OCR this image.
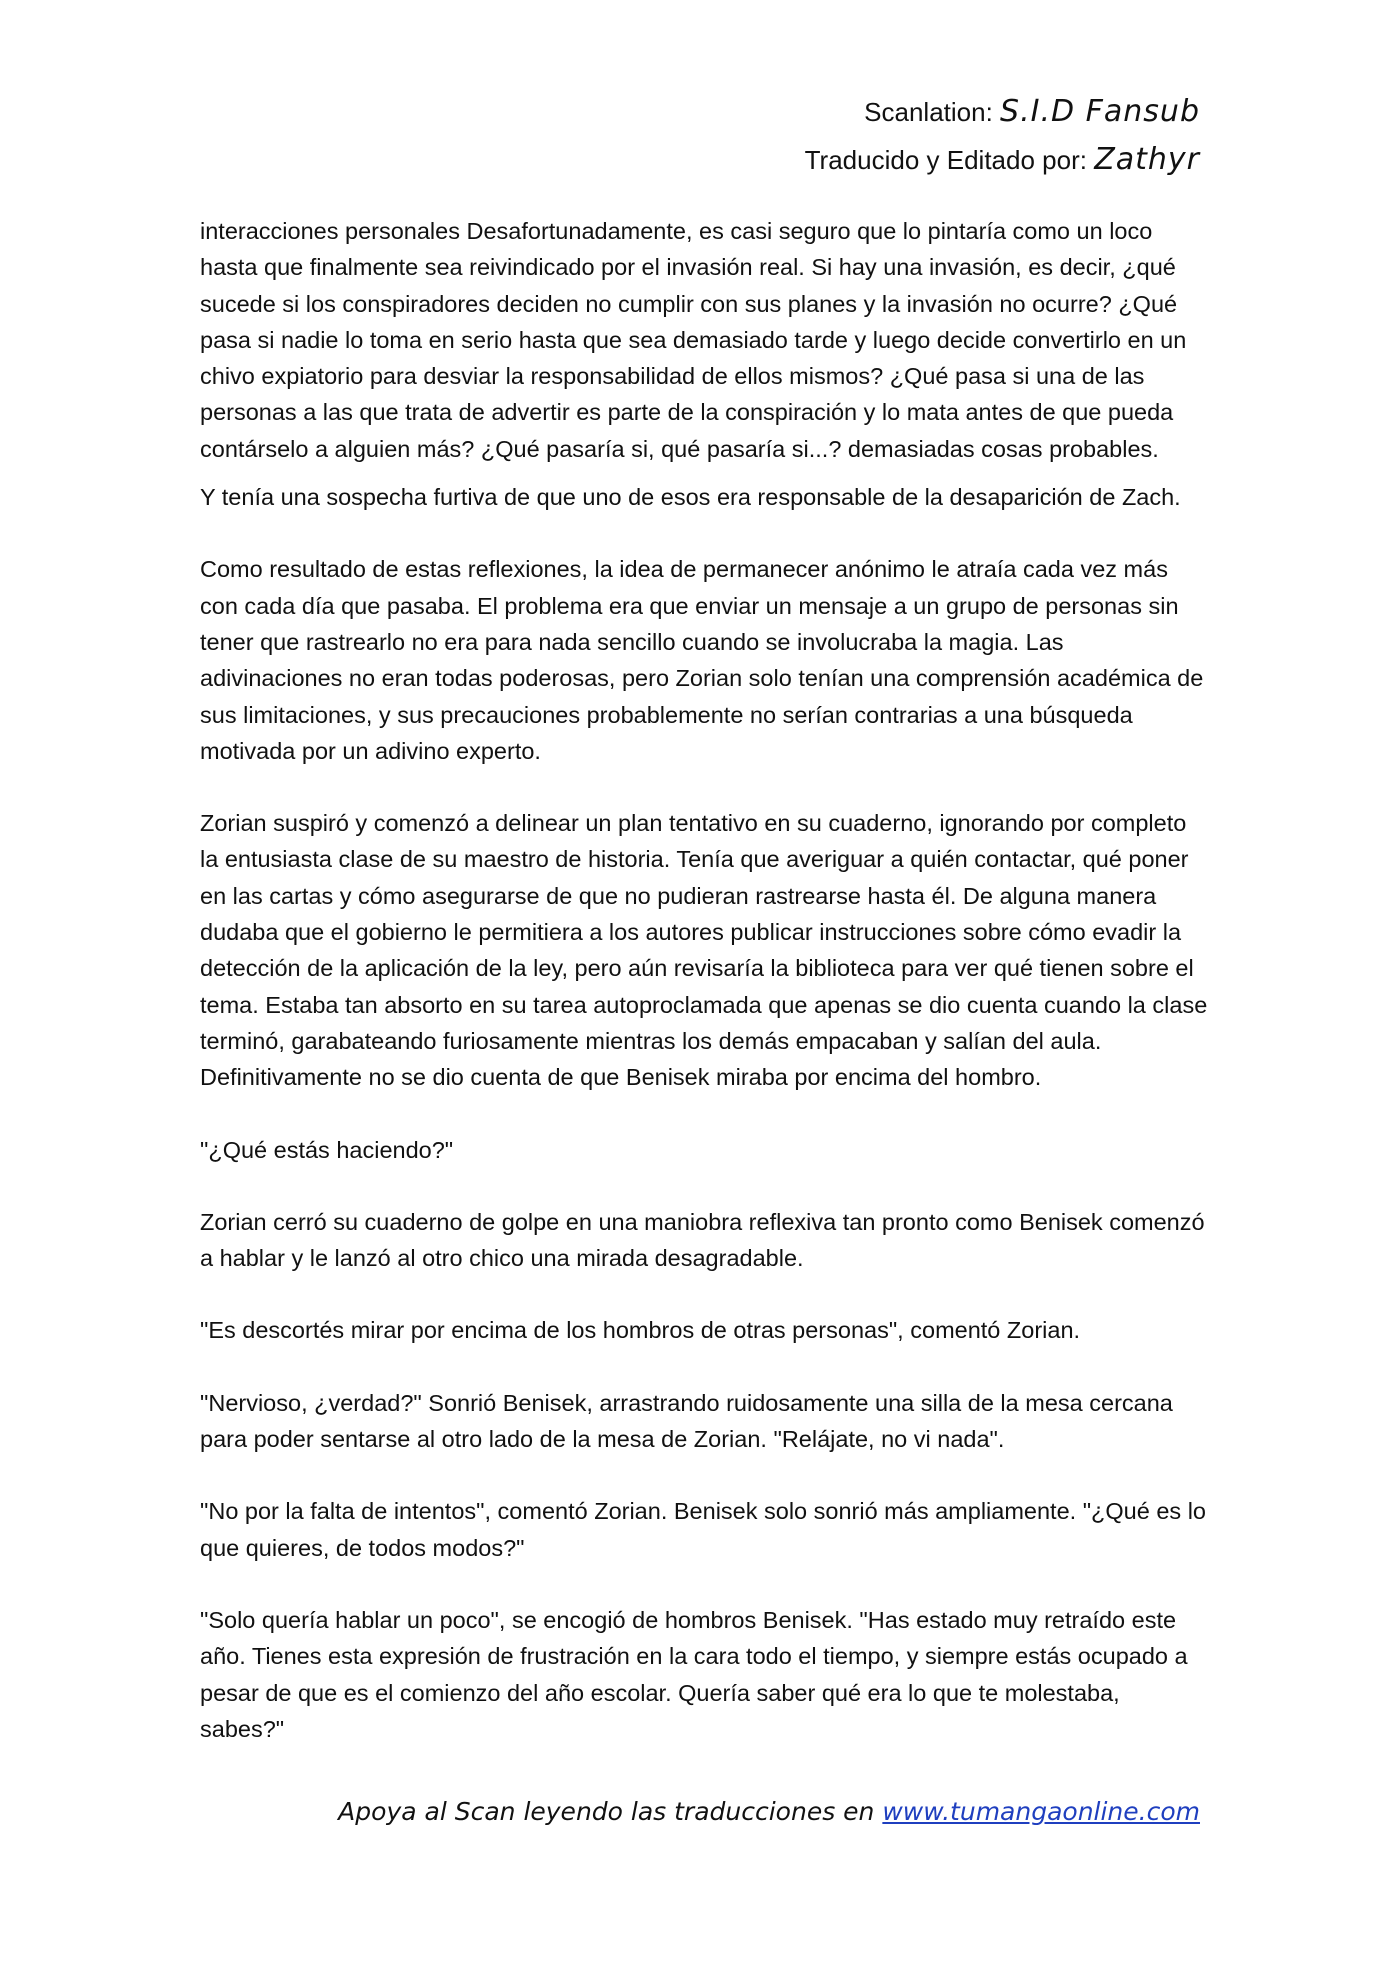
Scanlation: S.I.D Fansub
Traducido y Editado por: Zathyr

interacciones personales Desafortunadamente, es casi seguro que lo pintaría como un loco hasta que finalmente sea reivindicado por el invasión real. Si hay una invasión, es decir, ¿qué sucede si los conspiradores deciden no cumplir con sus planes y la invasión no ocurre? ¿Qué pasa si nadie lo toma en serio hasta que sea demasiado tarde y luego decide convertirlo en un chivo expiatorio para desviar la responsabilidad de ellos mismos? ¿Qué pasa si una de las personas a las que trata de advertir es parte de la conspiración y lo mata antes de que pueda contárselo a alguien más? ¿Qué pasaría si, qué pasaría si...? demasiadas cosas probables.

Y tenía una sospecha furtiva de que uno de esos era responsable de la desaparición de Zach.

Como resultado de estas reflexiones, la idea de permanecer anónimo le atraía cada vez más con cada día que pasaba. El problema era que enviar un mensaje a un grupo de personas sin tener que rastrearlo no era para nada sencillo cuando se involucraba la magia. Las adivinaciones no eran todas poderosas, pero Zorian solo tenían una comprensión académica de sus limitaciones, y sus precauciones probablemente no serían contrarias a una búsqueda motivada por un adivino experto.

Zorian suspiró y comenzó a delinear un plan tentativo en su cuaderno, ignorando por completo la entusiasta clase de su maestro de historia. Tenía que averiguar a quién contactar, qué poner en las cartas y cómo asegurarse de que no pudieran rastrearse hasta él. De alguna manera dudaba que el gobierno le permitiera a los autores publicar instrucciones sobre cómo evadir la detección de la aplicación de la ley, pero aún revisaría la biblioteca para ver qué tienen sobre el tema. Estaba tan absorto en su tarea autoproclamada que apenas se dio cuenta cuando la clase terminó, garabateando furiosamente mientras los demás empacaban y salían del aula. Definitivamente no se dio cuenta de que Benisek miraba por encima del hombro.

"¿Qué estás haciendo?"

Zorian cerró su cuaderno de golpe en una maniobra reflexiva tan pronto como Benisek comenzó a hablar y le lanzó al otro chico una mirada desagradable.

"Es descortés mirar por encima de los hombros de otras personas", comentó Zorian.

"Nervioso, ¿verdad?" Sonrió Benisek, arrastrando ruidosamente una silla de la mesa cercana para poder sentarse al otro lado de la mesa de Zorian. "Relájate, no vi nada".

"No por la falta de intentos", comentó Zorian. Benisek solo sonrió más ampliamente. "¿Qué es lo que quieres, de todos modos?"

"Solo quería hablar un poco", se encogió de hombros Benisek. "Has estado muy retraído este año. Tienes esta expresión de frustración en la cara todo el tiempo, y siempre estás ocupado a pesar de que es el comienzo del año escolar. Quería saber qué era lo que te molestaba, sabes?"

Apoya al Scan leyendo las traducciones en www.tumangaonline.com
